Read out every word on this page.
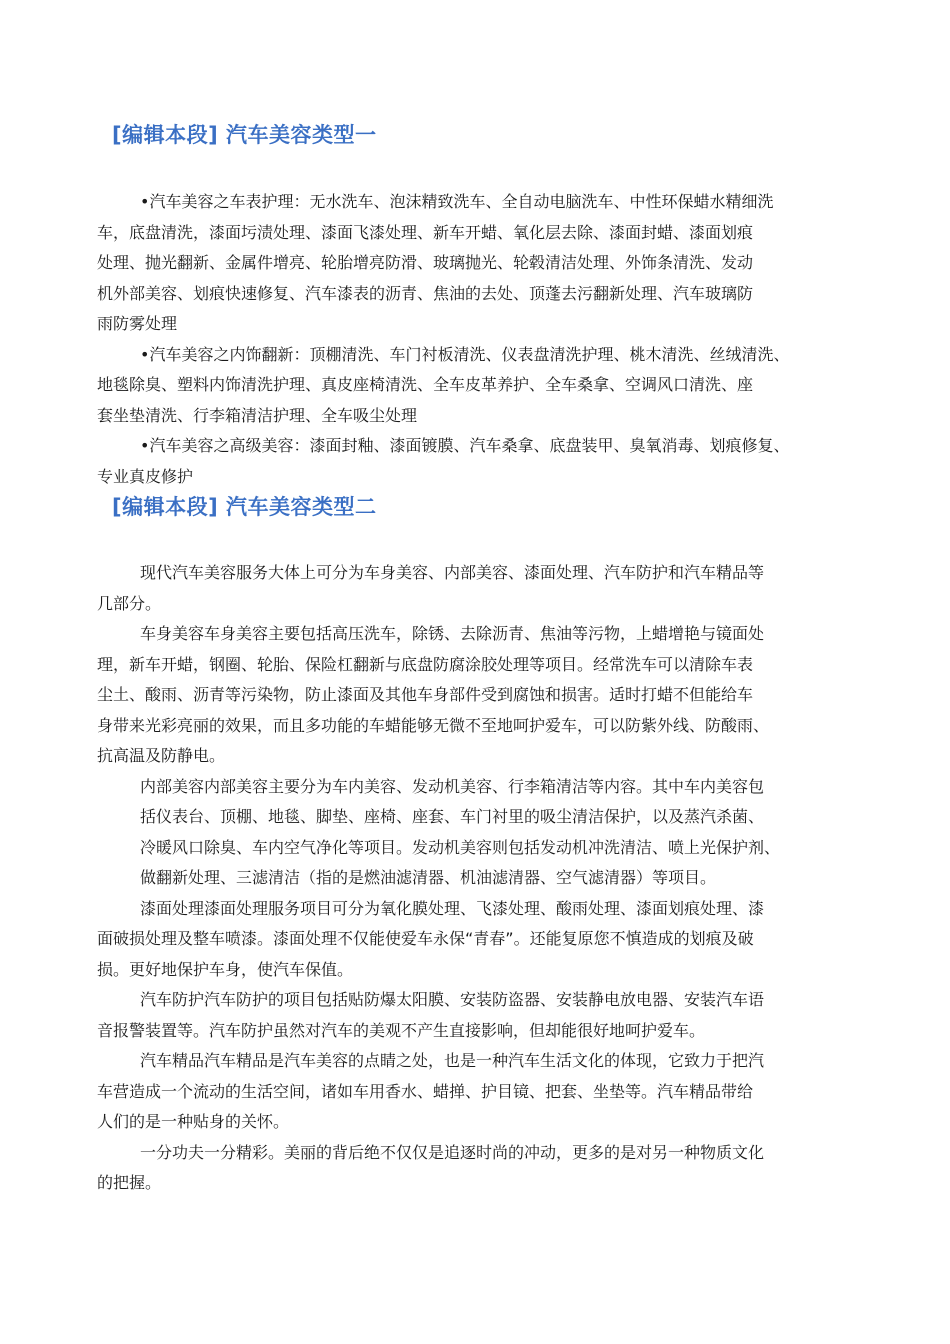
[编辑本段] 汽车美容类型一
•汽车美容之车表护理：无水洗车、泡沫精致洗车、全自动电脑洗车、中性环保蜡水精细洗
车，底盘清洗，漆面圬渍处理、漆面飞漆处理、新车开蜡、氧化层去除、漆面封蜡、漆面划痕
处理、抛光翻新、金属件增亮、轮胎增亮防滑、玻璃抛光、轮毂清洁处理、外饰条清洗、发动
机外部美容、划痕快速修复、汽车漆表的沥青、焦油的去处、顶蓬去污翻新处理、汽车玻璃防
雨防雾处理
•汽车美容之内饰翻新：顶棚清洗、车门衬板清洗、仪表盘清洗护理、桃木清洗、丝绒清洗、
地毯除臭、塑料内饰清洗护理、真皮座椅清洗、全车皮革养护、全车桑拿、空调风口清洗、座
套坐垫清洗、行李箱清洁护理、全车吸尘处理
•汽车美容之高级美容：漆面封釉、漆面镀膜、汽车桑拿、底盘装甲、臭氧消毒、划痕修复、
专业真皮修护
[编辑本段] 汽车美容类型二
现代汽车美容服务大体上可分为车身美容、内部美容、漆面处理、汽车防护和汽车精品等
几部分。
车身美容车身美容主要包括高压洗车，除锈、去除沥青、焦油等污物，上蜡增艳与镜面处
理，新车开蜡，钢圈、轮胎、保险杠翻新与底盘防腐涂胶处理等项目。经常洗车可以清除车表
尘土、酸雨、沥青等污染物，防止漆面及其他车身部件受到腐蚀和损害。适时打蜡不但能给车
身带来光彩亮丽的效果，而且多功能的车蜡能够无微不至地呵护爱车，可以防紫外线、防酸雨、
抗高温及防静电。
内部美容内部美容主要分为车内美容、发动机美容、行李箱清洁等内容。其中车内美容包
括仪表台、顶棚、地毯、脚垫、座椅、座套、车门衬里的吸尘清洁保护，以及蒸汽杀菌、
冷暖风口除臭、车内空气净化等项目。发动机美容则包括发动机冲洗清洁、喷上光保护剂、
做翻新处理、三滤清洁（指的是燃油滤清器、机油滤清器、空气滤清器）等项目。
漆面处理漆面处理服务项目可分为氧化膜处理、飞漆处理、酸雨处理、漆面划痕处理、漆
面破损处理及整车喷漆。漆面处理不仅能使爱车永保“青春”。还能复原您不慎造成的划痕及破
损。更好地保护车身，使汽车保值。
汽车防护汽车防护的项目包括贴防爆太阳膜、安装防盗器、安装静电放电器、安装汽车语
音报警装置等。汽车防护虽然对汽车的美观不产生直接影响，但却能很好地呵护爱车。
汽车精品汽车精品是汽车美容的点睛之处，也是一种汽车生活文化的体现，它致力于把汽
车营造成一个流动的生活空间，诸如车用香水、蜡掸、护目镜、把套、坐垫等。汽车精品带给
人们的是一种贴身的关怀。
一分功夫一分精彩。美丽的背后绝不仅仅是追逐时尚的冲动，更多的是对另一种物质文化
的把握。
